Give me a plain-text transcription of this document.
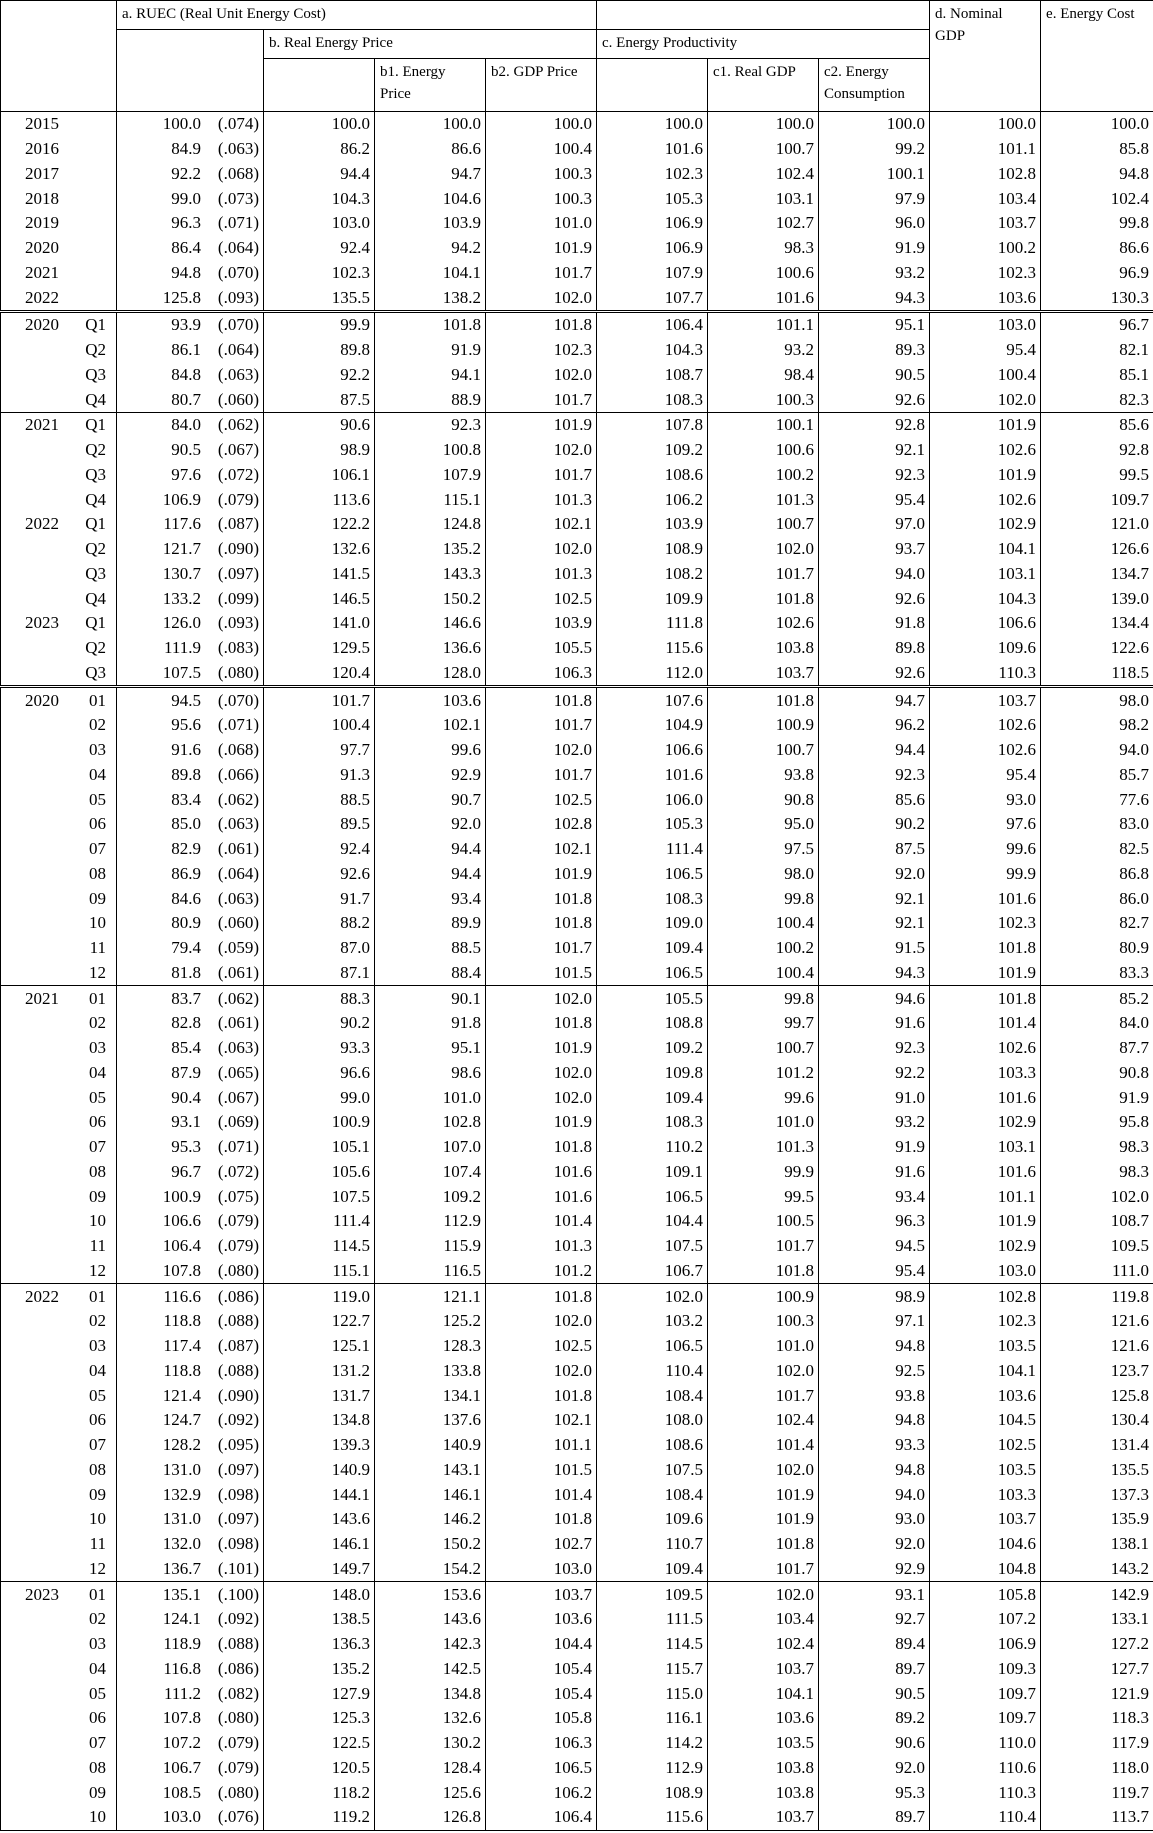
		a. RUEC (Real Unit Energy Cost)							d. Nominal GDP	e. Energy Cost
			b. Real Energy Price			c. Energy Productivity				
				b1. Energy Price	b2. GDP Price		c1. Real GDP	c2. Energy Consumption		
2015		100.0 (.074)	100.0	100.0	100.0	100.0	100.0	100.0	100.0	100.0
2016		84.9 (.063)	86.2	86.6	100.4	101.6	100.7	99.2	101.1	85.8
2017		92.2 (.068)	94.4	94.7	100.3	102.3	102.4	100.1	102.8	94.8
2018		99.0 (.073)	104.3	104.6	100.3	105.3	103.1	97.9	103.4	102.4
2019		96.3 (.071)	103.0	103.9	101.0	106.9	102.7	96.0	103.7	99.8
2020		86.4 (.064)	92.4	94.2	101.9	106.9	98.3	91.9	100.2	86.6
2021		94.8 (.070)	102.3	104.1	101.7	107.9	100.6	93.2	102.3	96.9
2022		125.8 (.093)	135.5	138.2	102.0	107.7	101.6	94.3	103.6	130.3
2020	Q1	93.9 (.070)	99.9	101.8	101.8	106.4	101.1	95.1	103.0	96.7
	Q2	86.1 (.064)	89.8	91.9	102.3	104.3	93.2	89.3	95.4	82.1
	Q3	84.8 (.063)	92.2	94.1	102.0	108.7	98.4	90.5	100.4	85.1
	Q4	80.7 (.060)	87.5	88.9	101.7	108.3	100.3	92.6	102.0	82.3
2021	Q1	84.0 (.062)	90.6	92.3	101.9	107.8	100.1	92.8	101.9	85.6
	Q2	90.5 (.067)	98.9	100.8	102.0	109.2	100.6	92.1	102.6	92.8
	Q3	97.6 (.072)	106.1	107.9	101.7	108.6	100.2	92.3	101.9	99.5
	Q4	106.9 (.079)	113.6	115.1	101.3	106.2	101.3	95.4	102.6	109.7
2022	Q1	117.6 (.087)	122.2	124.8	102.1	103.9	100.7	97.0	102.9	121.0
	Q2	121.7 (.090)	132.6	135.2	102.0	108.9	102.0	93.7	104.1	126.6
	Q3	130.7 (.097)	141.5	143.3	101.3	108.2	101.7	94.0	103.1	134.7
	Q4	133.2 (.099)	146.5	150.2	102.5	109.9	101.8	92.6	104.3	139.0
2023	Q1	126.0 (.093)	141.0	146.6	103.9	111.8	102.6	91.8	106.6	134.4
	Q2	111.9 (.083)	129.5	136.6	105.5	115.6	103.8	89.8	109.6	122.6
	Q3	107.5 (.080)	120.4	128.0	106.3	112.0	103.7	92.6	110.3	118.5
2020	01	94.5 (.070)	101.7	103.6	101.8	107.6	101.8	94.7	103.7	98.0
	02	95.6 (.071)	100.4	102.1	101.7	104.9	100.9	96.2	102.6	98.2
	03	91.6 (.068)	97.7	99.6	102.0	106.6	100.7	94.4	102.6	94.0
	04	89.8 (.066)	91.3	92.9	101.7	101.6	93.8	92.3	95.4	85.7
	05	83.4 (.062)	88.5	90.7	102.5	106.0	90.8	85.6	93.0	77.6
	06	85.0 (.063)	89.5	92.0	102.8	105.3	95.0	90.2	97.6	83.0
	07	82.9 (.061)	92.4	94.4	102.1	111.4	97.5	87.5	99.6	82.5
	08	86.9 (.064)	92.6	94.4	101.9	106.5	98.0	92.0	99.9	86.8
	09	84.6 (.063)	91.7	93.4	101.8	108.3	99.8	92.1	101.6	86.0
	10	80.9 (.060)	88.2	89.9	101.8	109.0	100.4	92.1	102.3	82.7
	11	79.4 (.059)	87.0	88.5	101.7	109.4	100.2	91.5	101.8	80.9
	12	81.8 (.061)	87.1	88.4	101.5	106.5	100.4	94.3	101.9	83.3
2021	01	83.7 (.062)	88.3	90.1	102.0	105.5	99.8	94.6	101.8	85.2
	02	82.8 (.061)	90.2	91.8	101.8	108.8	99.7	91.6	101.4	84.0
	03	85.4 (.063)	93.3	95.1	101.9	109.2	100.7	92.3	102.6	87.7
	04	87.9 (.065)	96.6	98.6	102.0	109.8	101.2	92.2	103.3	90.8
	05	90.4 (.067)	99.0	101.0	102.0	109.4	99.6	91.0	101.6	91.9
	06	93.1 (.069)	100.9	102.8	101.9	108.3	101.0	93.2	102.9	95.8
	07	95.3 (.071)	105.1	107.0	101.8	110.2	101.3	91.9	103.1	98.3
	08	96.7 (.072)	105.6	107.4	101.6	109.1	99.9	91.6	101.6	98.3
	09	100.9 (.075)	107.5	109.2	101.6	106.5	99.5	93.4	101.1	102.0
	10	106.6 (.079)	111.4	112.9	101.4	104.4	100.5	96.3	101.9	108.7
	11	106.4 (.079)	114.5	115.9	101.3	107.5	101.7	94.5	102.9	109.5
	12	107.8 (.080)	115.1	116.5	101.2	106.7	101.8	95.4	103.0	111.0
2022	01	116.6 (.086)	119.0	121.1	101.8	102.0	100.9	98.9	102.8	119.8
	02	118.8 (.088)	122.7	125.2	102.0	103.2	100.3	97.1	102.3	121.6
	03	117.4 (.087)	125.1	128.3	102.5	106.5	101.0	94.8	103.5	121.6
	04	118.8 (.088)	131.2	133.8	102.0	110.4	102.0	92.5	104.1	123.7
	05	121.4 (.090)	131.7	134.1	101.8	108.4	101.7	93.8	103.6	125.8
	06	124.7 (.092)	134.8	137.6	102.1	108.0	102.4	94.8	104.5	130.4
	07	128.2 (.095)	139.3	140.9	101.1	108.6	101.4	93.3	102.5	131.4
	08	131.0 (.097)	140.9	143.1	101.5	107.5	102.0	94.8	103.5	135.5
	09	132.9 (.098)	144.1	146.1	101.4	108.4	101.9	94.0	103.3	137.3
	10	131.0 (.097)	143.6	146.2	101.8	109.6	101.9	93.0	103.7	135.9
	11	132.0 (.098)	146.1	150.2	102.7	110.7	101.8	92.0	104.6	138.1
	12	136.7 (.101)	149.7	154.2	103.0	109.4	101.7	92.9	104.8	143.2
2023	01	135.1 (.100)	148.0	153.6	103.7	109.5	102.0	93.1	105.8	142.9
	02	124.1 (.092)	138.5	143.6	103.6	111.5	103.4	92.7	107.2	133.1
	03	118.9 (.088)	136.3	142.3	104.4	114.5	102.4	89.4	106.9	127.2
	04	116.8 (.086)	135.2	142.5	105.4	115.7	103.7	89.7	109.3	127.7
	05	111.2 (.082)	127.9	134.8	105.4	115.0	104.1	90.5	109.7	121.9
	06	107.8 (.080)	125.3	132.6	105.8	116.1	103.6	89.2	109.7	118.3
	07	107.2 (.079)	122.5	130.2	106.3	114.2	103.5	90.6	110.0	117.9
	08	106.7 (.079)	120.5	128.4	106.5	112.9	103.8	92.0	110.6	118.0
	09	108.5 (.080)	118.2	125.6	106.2	108.9	103.8	95.3	110.3	119.7
	10	103.0 (.076)	119.2	126.8	106.4	115.6	103.7	89.7	110.4	113.7
